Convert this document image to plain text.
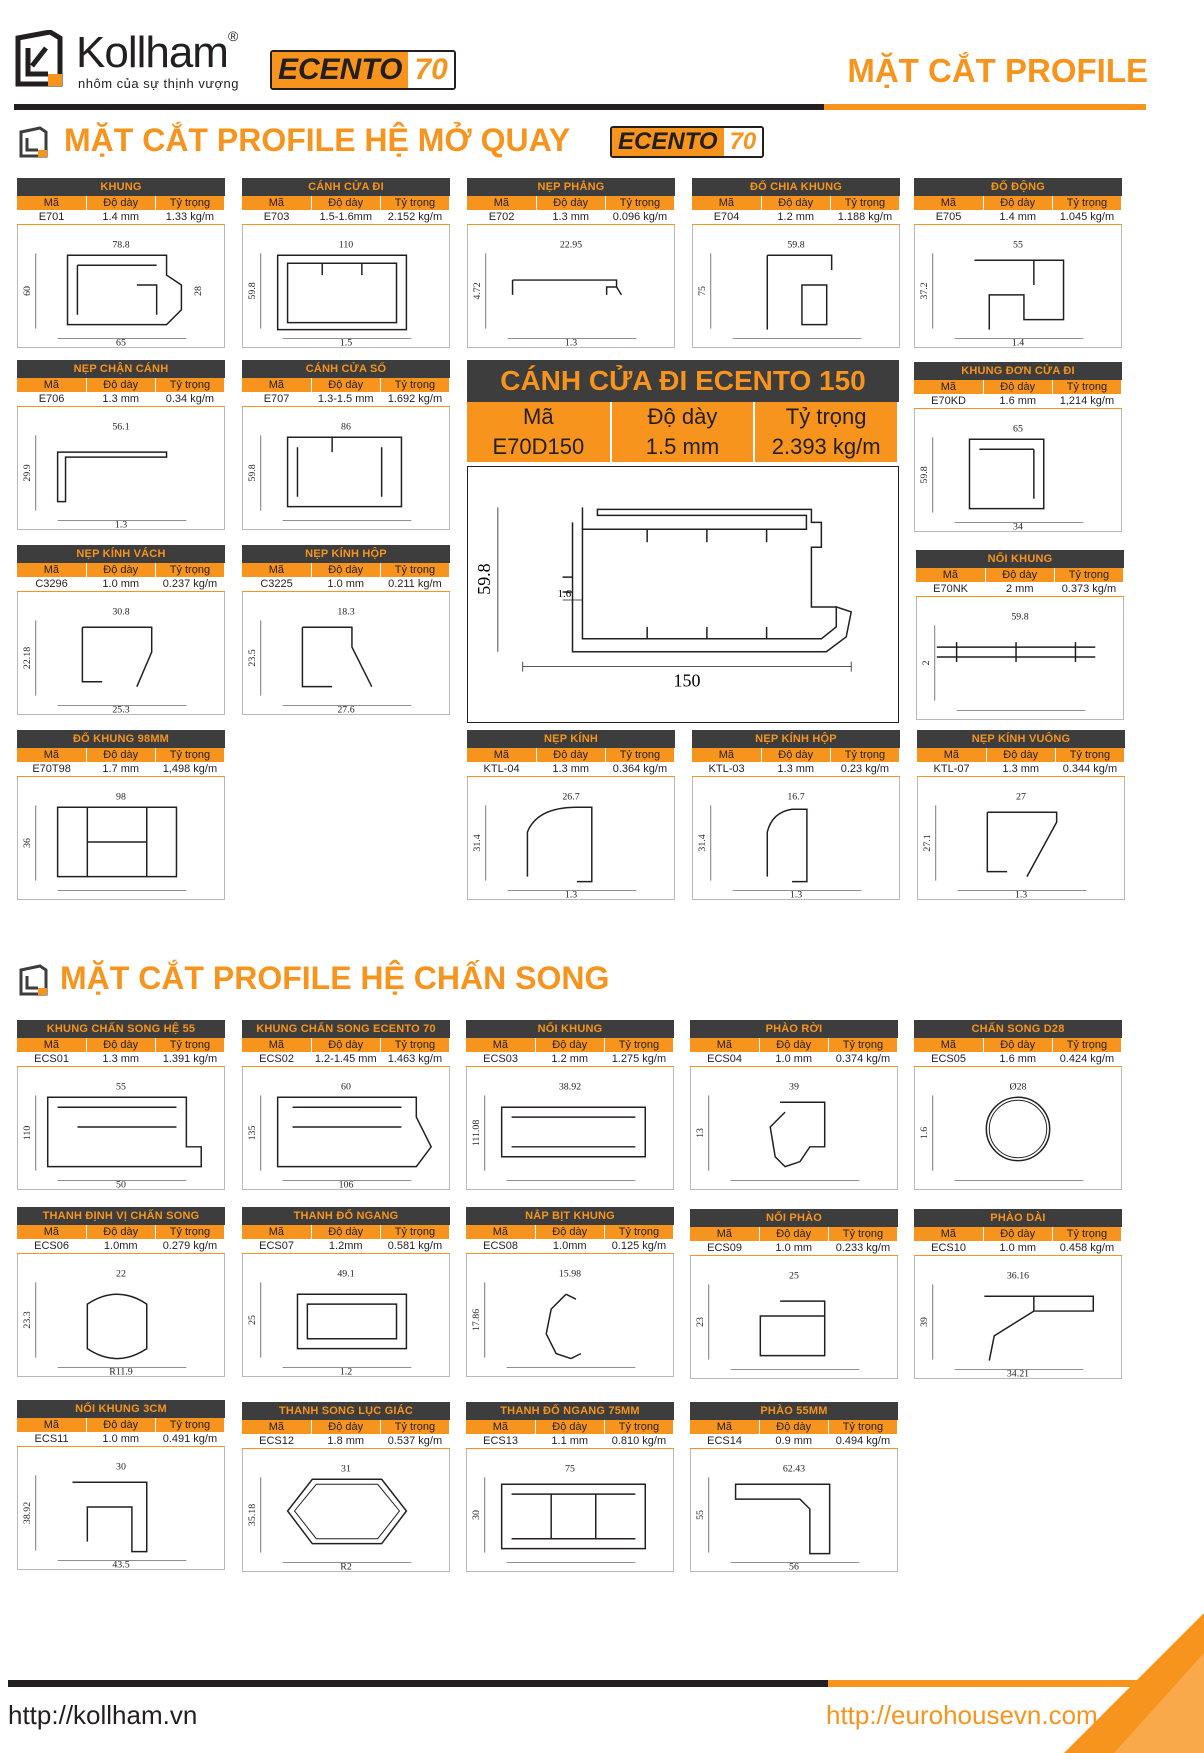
Kollham®
nhôm của sự thịnh vượng ECENTO 70	MẶT CẮT PROFILE
MẶT CẮT PROFILE HỆ MỞ QUAY ECENTO 70
KHUNG
Mã	Độ dày	Tỷ trọng
E701	1.4 mm	1.33 kg/m
78.8
60
65
28
CÁNH CỬA ĐI
Mã	Độ dày	Tỷ trọng
E703	1.5-1.6mm	2.152 kg/m
110
59.8
1.5
NẸP PHẲNG
Mã	Độ dày	Tỷ trọng
E702	1.3 mm	0.096 kg/m
22.95
4.72
1.3
ĐỐ CHIA KHUNG
Mã	Độ dày	Tỷ trọng
E704	1.2 mm	1.188 kg/m
59.8
75
ĐỐ ĐỘNG
Mã	Độ dày	Tỷ trọng
E705	1.4 mm	1.045 kg/m
55
37.2
1.4
NẸP CHẬN CÁNH
Mã	Độ dày	Tỷ trọng
E706	1.3 mm	0.34 kg/m
56.1
29.9
1.3
CÁNH CỬA SỔ
Mã	Độ dày	Tỷ trọng
E707	1.3-1.5 mm	1.692 kg/m
86
59.8
KHUNG ĐƠN CỬA ĐI
Mã	Độ dày	Tỷ trọng
E70KD	1.6 mm	1,214 kg/m
65
59.8
34
NẸP KÍNH VÁCH
Mã	Độ dày	Tỷ trọng
C3296	1.0 mm	0.237 kg/m
30.8
22.18
25.3
NẸP KÍNH HỘP
Mã	Độ dày	Tỷ trọng
C3225	1.0 mm	0.211 kg/m
18.3
23.5
27.6
NỐI KHUNG
Mã	Độ dày	Tỷ trọng
E70NK	2 mm	0.373 kg/m
59.8
2
ĐỐ KHUNG 98MM
Mã	Độ dày	Tỷ trọng
E70T98	1.7 mm	1,498 kg/m
98
36
NẸP KÍNH
Mã	Độ dày	Tỷ trọng
KTL-04	1.3 mm	0.364 kg/m
26.7
31.4
1.3
NẸP KÍNH HỘP
Mã	Độ dày	Tỷ trọng
KTL-03	1.3 mm	0.23 kg/m
16.7
31.4
1.3
NẸP KÍNH VUÔNG
Mã	Độ dày	Tỷ trọng
KTL-07	1.3 mm	0.344 kg/m
27
27.1
1.3
CÁNH CỬA ĐI ECENTO 150
Mã	Độ dày	Tỷ trọng
E70D150	1.5 mm	2.393 kg/m
150
59.8	1.6
MẶT CẮT PROFILE HỆ CHẤN SONG
KHUNG CHẤN SONG HỆ 55
Mã	Độ dày	Tỷ trọng
ECS01	1.3 mm	1.391 kg/m
55
110
50
KHUNG CHẤN SONG ECENTO 70
Mã	Độ dày	Tỷ trọng
ECS02	1.2-1.45 mm	1.463 kg/m
60
135
106
NỐI KHUNG
Mã	Độ dày	Tỷ trọng
ECS03	1.2 mm	1.275 kg/m
38.92
111.08
PHÀO RỜI
Mã	Độ dày	Tỷ trọng
ECS04	1.0 mm	0.374 kg/m
39
13
CHẤN SONG D28
Mã	Độ dày	Tỷ trọng
ECS05	1.6 mm	0.424 kg/m
Ø28
1.6
THANH ĐỊNH VỊ CHẤN SONG
Mã	Độ dày	Tỷ trọng
ECS06	1.0mm	0.279 kg/m
22
23.3
R11.9
THANH ĐỐ NGANG
Mã	Độ dày	Tỷ trọng
ECS07	1.2mm	0.581 kg/m
49.1
25
1.2
NẮP BỊT KHUNG
Mã	Độ dày	Tỷ trọng
ECS08	1.0mm	0.125 kg/m
15.98
17.86
NỐI PHÀO
Mã	Độ dày	Tỷ trọng
ECS09	1.0 mm	0.233 kg/m
25
23
PHÀO DÀI
Mã	Độ dày	Tỷ trọng
ECS10	1.0 mm	0.458 kg/m
36.16
39
34.21
NỐI KHUNG 3CM
Mã	Độ dày	Tỷ trọng
ECS11	1.0 mm	0.491 kg/m
30
38.92
43.5
THANH SONG LỤC GIÁC
Mã	Độ dày	Tỷ trọng
ECS12	1.8 mm	0.537 kg/m
31
35.18
R2
THANH ĐỐ NGANG 75MM
Mã	Độ dày	Tỷ trọng
ECS13	1.1 mm	0.810 kg/m
75
30
PHÀO 55MM
Mã	Độ dày	Tỷ trọng
ECS14	0.9 mm	0.494 kg/m
62.43
55
56
http://kollham.vn	http://eurohousevn.com
